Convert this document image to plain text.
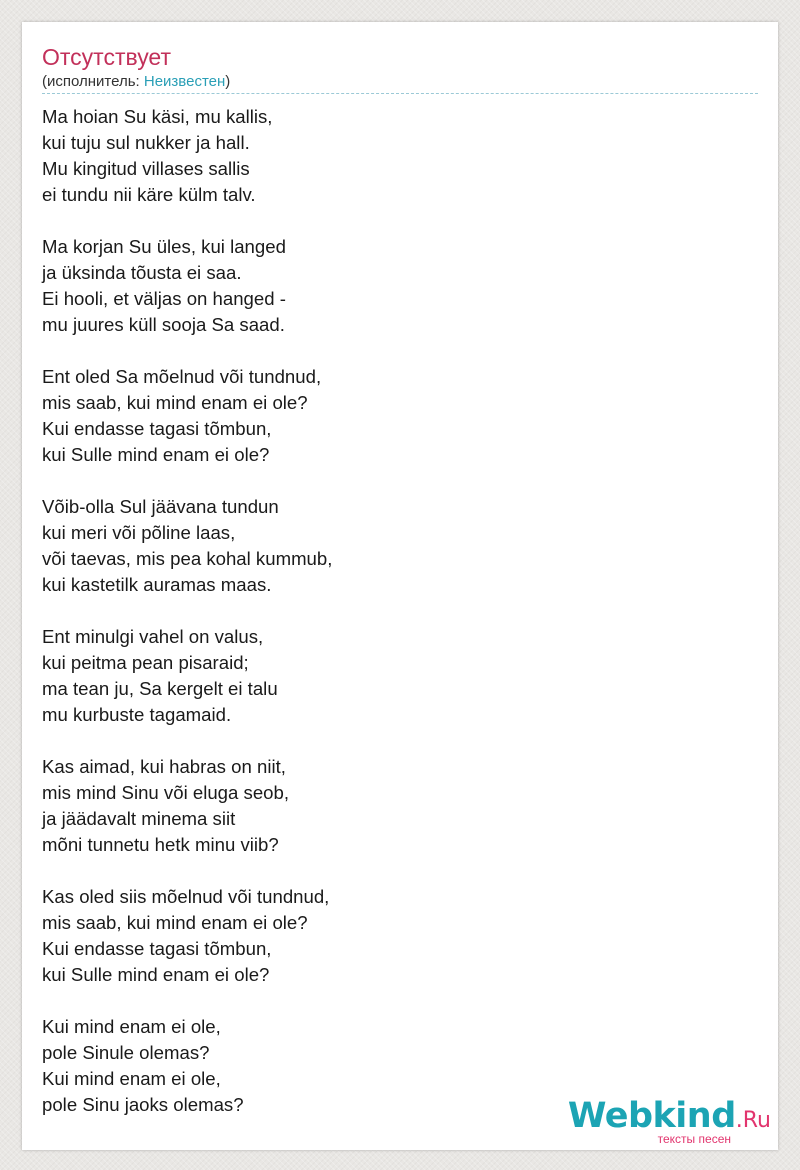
Отсутствует
(исполнитель: Неизвестен)
Ma hoian Su käsi, mu kallis,
kui tuju sul nukker ja hall.
Mu kingitud villases sallis
ei tundu nii käre külm talv.
Ma korjan Su üles, kui langed
ja üksinda tõusta ei saa.
Ei hooli, et väljas on hanged -
mu juures küll sooja Sa saad.
Ent oled Sa mõelnud või tundnud,
mis saab, kui mind enam ei ole?
Kui endasse tagasi tõmbun,
kui Sulle mind enam ei ole?
Võib-olla Sul jäävana tundun
kui meri või põline laas,
või taevas, mis pea kohal kummub,
kui kastetilk auramas maas.
Ent minulgi vahel on valus,
kui peitma pean pisaraid;
ma tean ju, Sa kergelt ei talu
mu kurbuste tagamaid.
Kas aimad, kui habras on niit,
mis mind Sinu või eluga seob,
ja jäädavalt minema siit
mõni tunnetu hetk minu viib?
Kas oled siis mõelnud või tundnud,
mis saab, kui mind enam ei ole?
Kui endasse tagasi tõmbun,
kui Sulle mind enam ei ole?
Kui mind enam ei ole,
pole Sinule olemas?
Kui mind enam ei ole,
pole Sinu jaoks olemas?	Webkind.Ru
тексты песен
